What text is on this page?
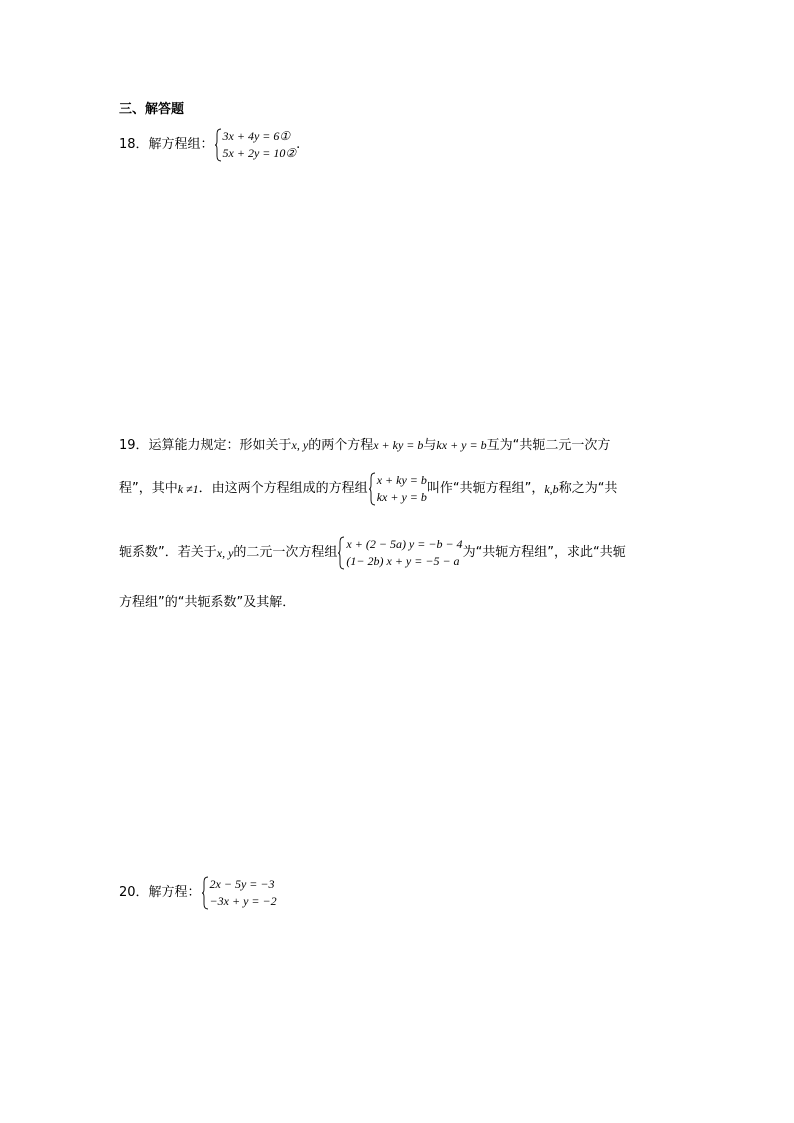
三、解答题
18．解方程组：
3x + 4y = 6①
5x + 2y = 10②
.
19．运算能力规定：形如关于x, y的两个方程x + ky = b与kx + y = b互为“共轭二元一次方
程”，其中k ≠1．由这两个方程组成的方程组
x + ky = b
kx + y = b
叫作“共轭方程组”，k,b称之为“共
轭系数”．若关于x, y的二元一次方程组
x + (2 − 5a) y = −b − 4
(1− 2b) x + y = −5 − a
为“共轭方程组”，求此“共轭
方程组”的“共轭系数”及其解．
20．解方程：
2x − 5y = −3
−3x + y = −2
